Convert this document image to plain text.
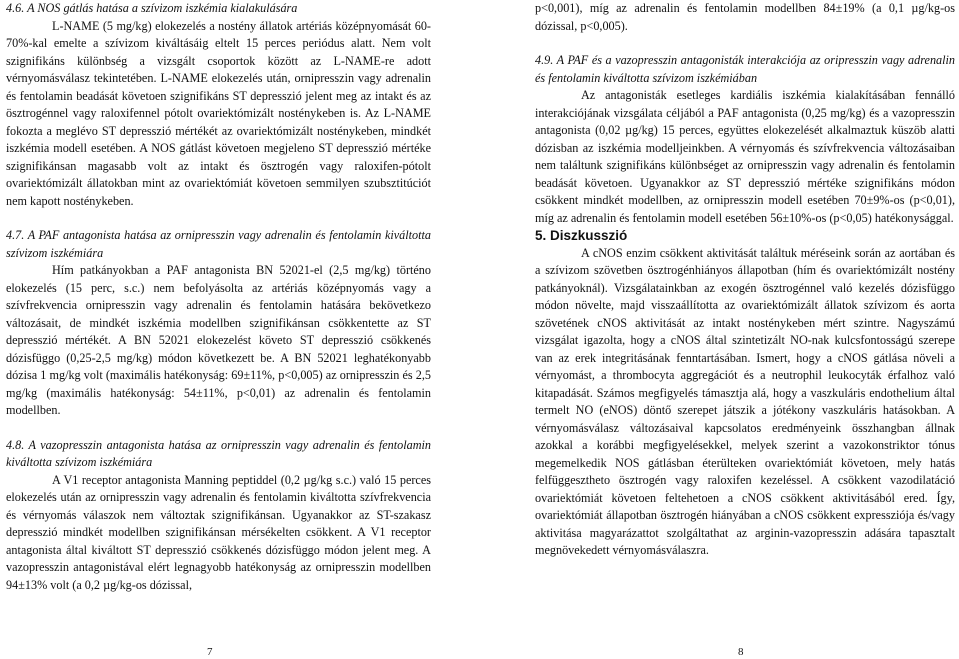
4.6. A NOS gátlás hatása a szívizom iszkémia kialakulására

L-NAME (5 mg/kg) elokezelés a nostény állatok artériás középnyomását 60-70%-kal emelte a szívizom kiváltásáig eltelt 15 perces periódus alatt. Nem volt szignifikáns különbség a vizsgált csoportok között az L-NAME-re adott vérnyomásválasz tekintetében. L-NAME elokezelés után, ornipresszin vagy adrenalin és fentolamin beadását követoen szignifikáns ST depresszió jelent meg az intakt és az ösztrogénnel vagy raloxifennel pótolt ovariektómizált nosténykeben is. Az L-NAME fokozta a meglévo ST depresszió mértékét az ovariektómizált nosténykeben, mindkét iszkémia modell esetében. A NOS gátlást követoen megjeleno ST depresszió mértéke szignifikánsan magasabb volt az intakt és ösztrogén vagy raloxifen-pótolt ovariektómizált állatokban mint az ovariektómiát követoen semmilyen szubsztitúciót nem kapott nosténykeben.

4.7. A PAF antagonista hatása az ornipresszin vagy adrenalin és fentolamin kiváltotta szívizom iszkémiára

Hím patkányokban a PAF antagonista BN 52021-el (2,5 mg/kg) történo elokezelés (15 perc, s.c.) nem befolyásolta az artériás középnyomás vagy a szívfrekvencia ornipresszin vagy adrenalin és fentolamin hatására bekövetkezo változásait, de mindkét iszkémia modellben szignifikánsan csökkentette az ST depresszió mértékét. A BN 52021 elokezelést követo ST depresszió csökkenés dózisfüggo (0,25-2,5 mg/kg) módon következett be. A BN 52021 leghatékonyabb dózisa 1 mg/kg volt (maximális hatékonyság: 69±11%, p<0,005) az ornipresszin és 2,5 mg/kg (maximális hatékonyság: 54±11%, p<0,01) az adrenalin és fentolamin modellben.

4.8. A vazopresszin antagonista hatása az ornipresszin vagy adrenalin és fentolamin kiváltotta szívizom iszkémiára

A V1 receptor antagonista Manning peptiddel (0,2 µg/kg s.c.) való 15 perces elokezelés után az ornipresszin vagy adrenalin és fentolamin kiváltotta szívfrekvencia és vérnyomás válaszok nem változtak szignifikánsan. Ugyanakkor az ST-szakasz depresszió mindkét modellben szignifikánsan mérsékelten csökkent. A V1 receptor antagonista által kiváltott ST depresszió csökkenés dózisfüggo módon jelent meg. A vazopresszin antagonistával elért legnagyobb hatékonyság az ornipresszin modellben 94±13% volt (a 0,2 µg/kg-os dózissal,

p<0,001), míg az adrenalin és fentolamin modellben 84±19% (a 0,1 µg/kg-os dózissal, p<0,005).

4.9. A PAF és a vazopresszin antagonisták interakciója az oripresszin vagy adrenalin és fentolamin kiváltotta szívizom iszkémiában

Az antagonisták esetleges kardiális iszkémia kialakításában fennálló interakciójának vizsgálata céljából a PAF antagonista (0,25 mg/kg) és a vazopresszin antagonista (0,02 µg/kg) 15 perces, együttes elokezelését alkalmaztuk küszöb alatti dózisban az iszkémia modelljeinkben. A vérnyomás és szívfrekvencia változásaiban nem találtunk szignifikáns különbséget az ornipresszin vagy adrenalin és fentolamin beadását követoen. Ugyanakkor az ST depresszió mértéke szignifikáns módon csökkent mindkét modellben, az ornipresszin modell esetében 70±9%-os (p<0,01), míg az adrenalin és fentolamin modell esetében 56±10%-os (p<0,05) hatékonysággal.

5. Diszkusszió

A cNOS enzim csökkent aktivitását találtuk méréseink során az aortában és a szívizom szövetben ösztrogénhiányos állapotban (hím és ovariektómizált nostény patkányoknál). Vizsgálatainkban az exogén ösztrogénnel való kezelés dózisfüggo módon növelte, majd visszaállította az ovariektómizált állatok szívizom és aorta szövetének cNOS aktivitását az intakt nosténykeben mért szintre. Nagyszámú vizsgálat igazolta, hogy a cNOS által szintetizált NO-nak kulcsfontosságú szerepe van az erek integritásának fenntartásában. Ismert, hogy a cNOS gátlása növeli a vérnyomást, a thrombocyta aggregációt és a neutrophil leukocyták érfalhoz való kitapadását. Számos megfigyelés támasztja alá, hogy a vaszkuláris endothelium által termelt NO (eNOS) döntő szerepet játszik a jótékony vaszkuláris hatásokban. A vérnyomásválasz változásaival kapcsolatos eredményeink összhangban állnak azokkal a korábbi megfigyelésekkel, melyek szerint a vazokonstriktor tónus megemelkedik NOS gátlásban éterülteken ovariektómiát követoen, mely hatás felfüggesztheto ösztrogén vagy raloxifen kezeléssel. A csökkent vazodilatáció ovariektómiát követoen feltehetoen a cNOS csökkent aktivitásából ered. Így, ovariektómiát állapotban ösztrogén hiányában a cNOS csökkent expressziója és/vagy aktivitása magyarázattot szolgáltathat az arginin-vazopresszin adására tapasztalt megnövekedett vérnyomásválaszra.

7	8
